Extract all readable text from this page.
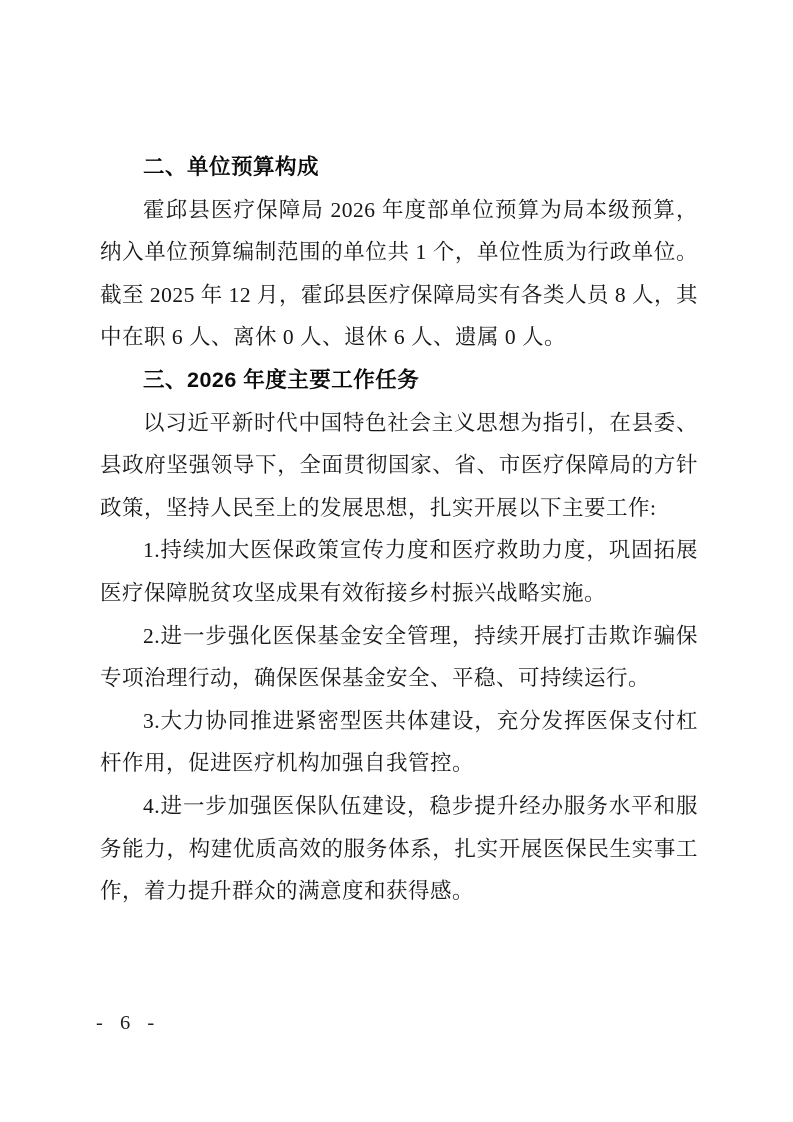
二、单位预算构成

霍邱县医疗保障局 2026 年度部单位预算为局本级预算，纳入单位预算编制范围的单位共 1 个，单位性质为行政单位。截至 2025 年 12 月，霍邱县医疗保障局实有各类人员 8 人，其中在职 6 人、离休 0 人、退休 6 人、遗属 0 人。

三、2026 年度主要工作任务

以习近平新时代中国特色社会主义思想为指引，在县委、县政府坚强领导下，全面贯彻国家、省、市医疗保障局的方针政策，坚持人民至上的发展思想，扎实开展以下主要工作:

1.持续加大医保政策宣传力度和医疗救助力度，巩固拓展医疗保障脱贫攻坚成果有效衔接乡村振兴战略实施。

2.进一步强化医保基金安全管理，持续开展打击欺诈骗保专项治理行动，确保医保基金安全、平稳、可持续运行。

3.大力协同推进紧密型医共体建设，充分发挥医保支付杠杆作用，促进医疗机构加强自我管控。

4.进一步加强医保队伍建设，稳步提升经办服务水平和服务能力，构建优质高效的服务体系，扎实开展医保民生实事工作，着力提升群众的满意度和获得感。

- 6 -
